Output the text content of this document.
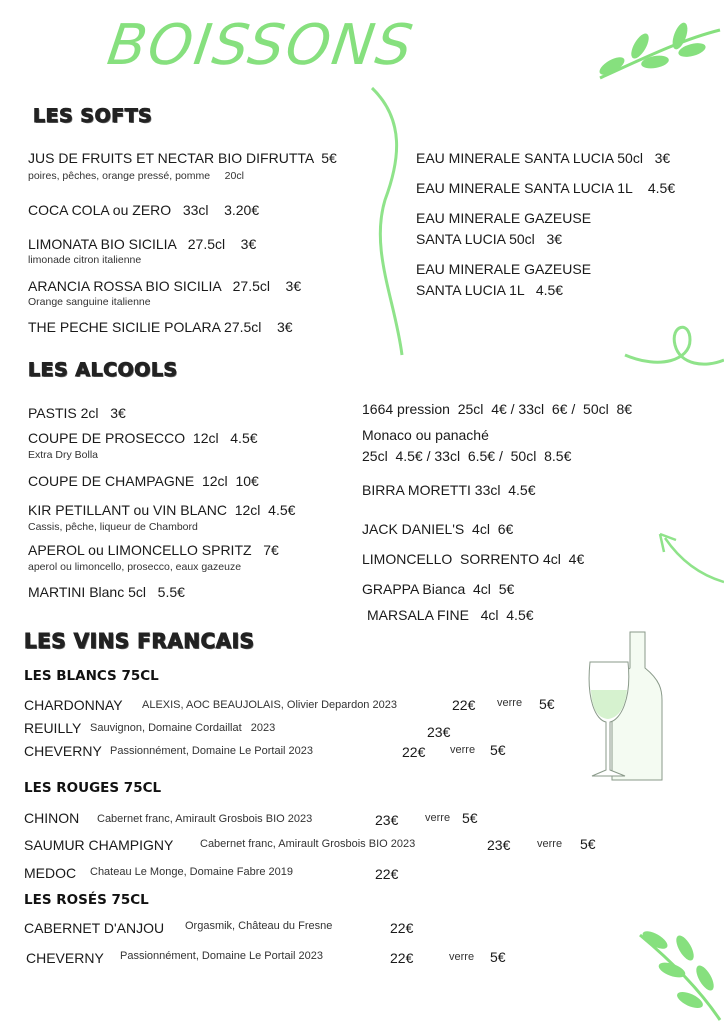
BOISSONS
LES SOFTS
JUS DE FRUITS ET NECTAR BIO DIFRUTTA  5€
poires, pêches, orange pressé, pomme     20cl
COCA COLA ou ZERO   33cl    3.20€
LIMONATA BIO SICILIA   27.5cl    3€
limonade citron italienne
ARANCIA ROSSA BIO SICILIA   27.5cl    3€
Orange sanguine italienne
THE PECHE SICILIE POLARA 27.5cl    3€
EAU MINERALE SANTA LUCIA 50cl   3€
EAU MINERALE SANTA LUCIA 1L    4.5€
EAU MINERALE GAZEUSE
SANTA LUCIA 50cl   3€
EAU MINERALE GAZEUSE
SANTA LUCIA 1L   4.5€
LES ALCOOLS
PASTIS 2cl   3€
COUPE DE PROSECCO  12cl   4.5€
Extra Dry Bolla
COUPE DE CHAMPAGNE  12cl  10€
KIR PETILLANT ou VIN BLANC  12cl  4.5€
Cassis, pêche, liqueur de Chambord
APEROL ou LIMONCELLO SPRITZ   7€
aperol ou limoncello, prosecco, eaux gazeuze
MARTINI Blanc 5cl   5.5€
1664 pression  25cl  4€ / 33cl  6€ /  50cl  8€
Monaco ou panaché
25cl  4.5€ / 33cl  6.5€ /  50cl  8.5€
BIRRA MORETTI 33cl  4.5€
JACK DANIEL'S  4cl  6€
LIMONCELLO  SORRENTO 4cl  4€
GRAPPA Bianca  4cl  5€
MARSALA FINE   4cl  4.5€
LES VINS FRANCAIS
LES BLANCS 75CL
CHARDONNAY ALEXIS, AOC BEAUJOLAIS, Olivier Depardon 2023	22€ verre 5€
REUILLY Sauvignon, Domaine Cordaillat   2023	23€
CHEVERNY Passionnément, Domaine Le Portail 2023	22€ verre 5€
LES ROUGES 75CL
CHINON Cabernet franc, Amirault Grosbois BIO 2023	23€ verre 5€
SAUMUR CHAMPIGNY Cabernet franc, Amirault Grosbois BIO 2023	23€ verre 5€
MEDOC Chateau Le Monge, Domaine Fabre 2019	22€
LES ROSÉS 75CL
CABERNET D'ANJOU Orgasmik, Château du Fresne	22€
CHEVERNY Passionnément, Domaine Le Portail 2023	22€	verre 5€
